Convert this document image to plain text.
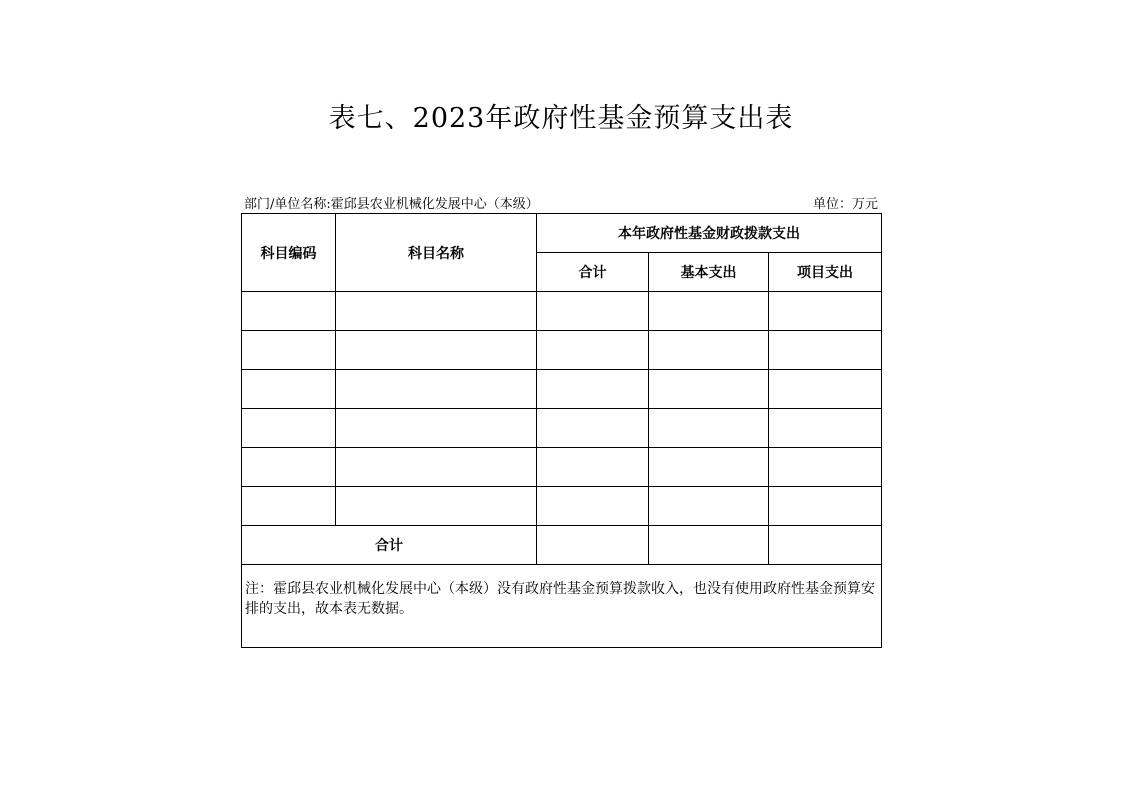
表七、2023年政府性基金预算支出表
部门/单位名称:霍邱县农业机械化发展中心（本级）	单位：万元
科目编码	科目名称	本年政府性基金财政拨款支出		
		合计	基本支出	项目支出

合计				
注：霍邱县农业机械化发展中心（本级）没有政府性基金预算拨款收入，也没有使用政府性基金预算安排的支出，故本表无数据。				
